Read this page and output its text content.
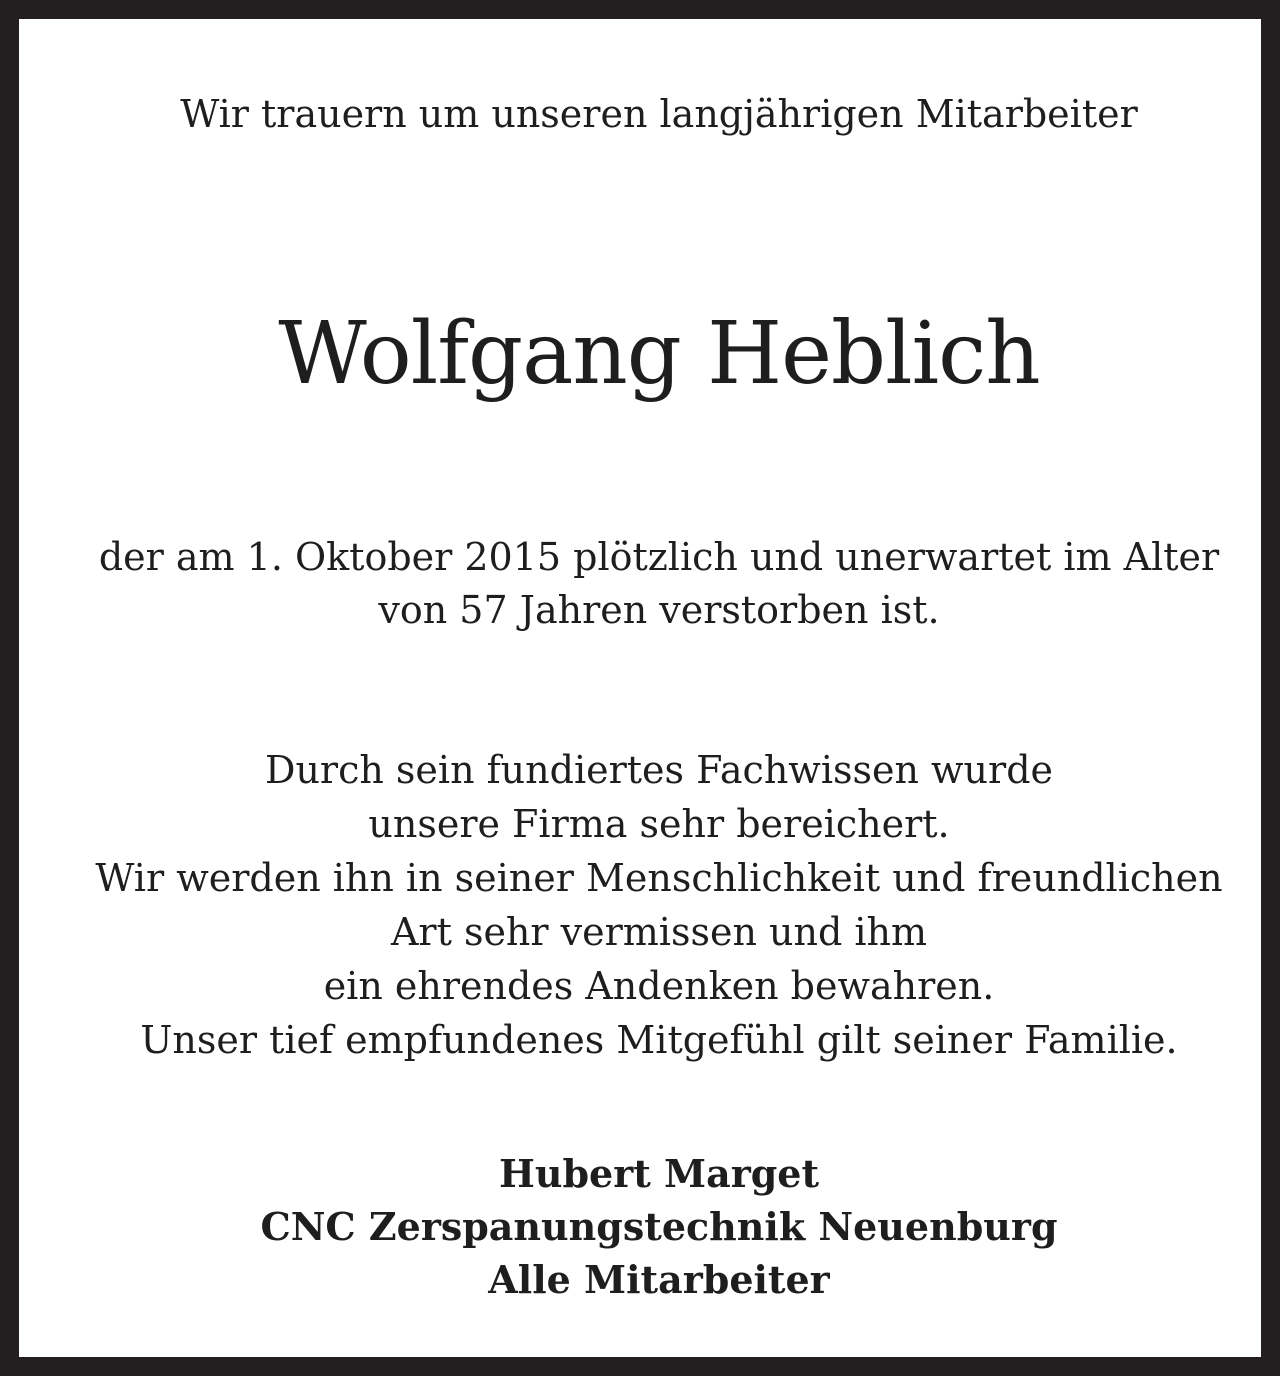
Wir trauern um unseren langjährigen Mitarbeiter

Wolfgang Heblich

der am 1. Oktober 2015 plötzlich und unerwartet im Alter

von 57 Jahren verstorben ist.

Durch sein fundiertes Fachwissen wurde

unsere Firma sehr bereichert.

Wir werden ihn in seiner Menschlichkeit und freundlichen

Art sehr vermissen und ihm

ein ehrendes Andenken bewahren.

Unser tief empfundenes Mitgefühl gilt seiner Familie.

Hubert Marget

CNC Zerspanungstechnik Neuenburg

Alle Mitarbeiter
